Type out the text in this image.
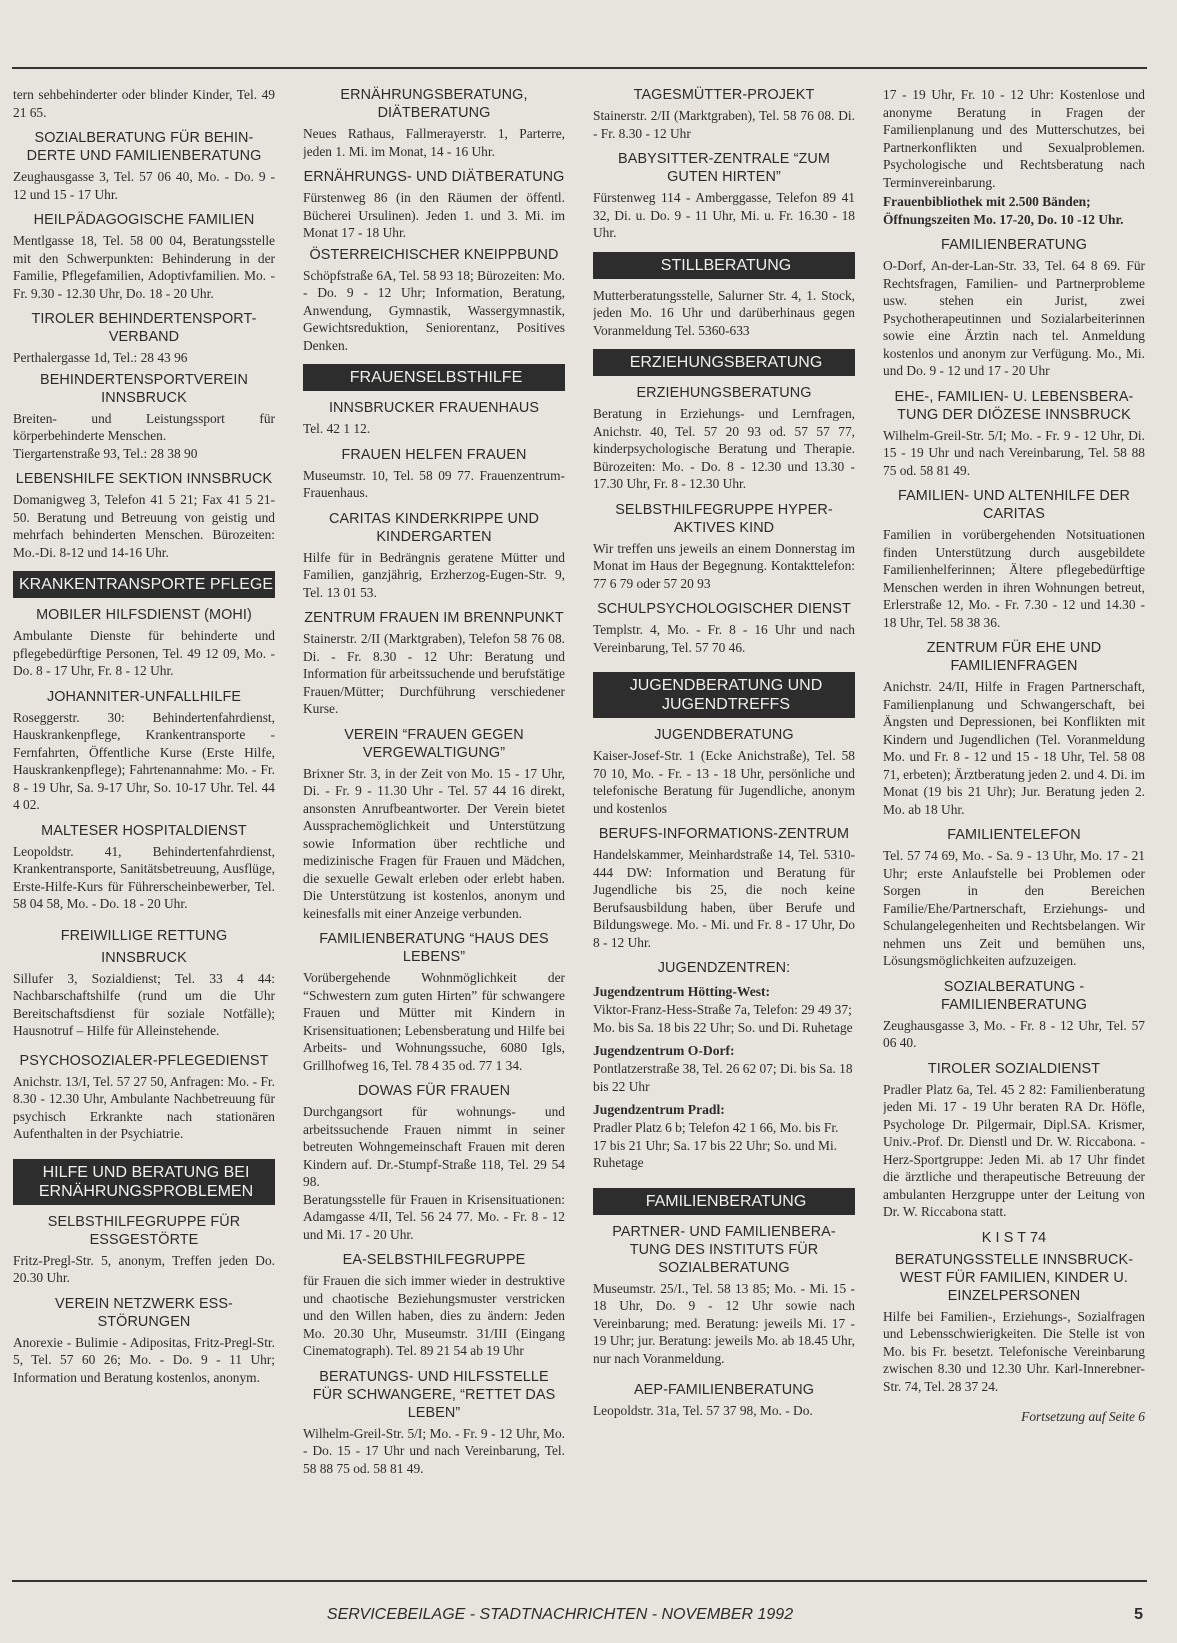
tern sehbehinderter oder blinder Kinder, Tel. 49 21 65.

SOZIALBERATUNG FÜR BEHIN-DERTE UND FAMILIENBERATUNG

Zeughausgasse 3, Tel. 57 06 40, Mo. - Do. 9 - 12 und 15 - 17 Uhr.

HEILPÄDAGOGISCHE FAMILIEN

Mentlgasse 18, Tel. 58 00 04, Beratungsstelle mit den Schwerpunkten: Behinderung in der Familie, Pflegefamilien, Adoptivfamilien. Mo. - Fr. 9.30 - 12.30 Uhr, Do. 18 - 20 Uhr.

TIROLER BEHINDERTENSPORT-VERBAND

Perthalergasse 1d, Tel.: 28 43 96

BEHINDERTENSPORTVEREIN INNSBRUCK

Breiten- und Leistungssport für körperbehinderte Menschen.

Tiergartenstraße 93, Tel.: 28 38 90

LEBENSHILFE SEKTION INNSBRUCK

Domanigweg 3, Telefon 41 5 21; Fax 41 5 21-50. Beratung und Betreuung von geistig und mehrfach behinderten Menschen. Bürozeiten: Mo.-Di. 8-12 und 14-16 Uhr.

KRANKENTRANSPORTE PFLEGE
MOBILER HILFSDIENST (MOHI)

Ambulante Dienste für behinderte und pflegebedürftige Personen, Tel. 49 12 09, Mo. - Do. 8 - 17 Uhr, Fr. 8 - 12 Uhr.

JOHANNITER-UNFALLHILFE

Roseggerstr. 30: Behindertenfahrdienst, Hauskrankenpflege, Krankentransporte - Fernfahrten, Öffentliche Kurse (Erste Hilfe, Hauskrankenpflege); Fahrtenannahme: Mo. - Fr. 8 - 19 Uhr, Sa. 9-17 Uhr, So. 10-17 Uhr. Tel. 44 4 02.

MALTESER HOSPITALDIENST

Leopoldstr. 41, Behindertenfahrdienst, Krankentransporte, Sanitätsbetreuung, Ausflüge, Erste-Hilfe-Kurs für Führerscheinbewerber, Tel. 58 04 58, Mo. - Do. 18 - 20 Uhr.

FREIWILLIGE RETTUNG
INNSBRUCK

Sillufer 3, Sozialdienst; Tel. 33 4 44: Nachbarschaftshilfe (rund um die Uhr Bereitschaftsdienst für soziale Notfälle); Hausnotruf – Hilfe für Alleinstehende.

PSYCHOSOZIALER-PFLEGEDIENST

Anichstr. 13/I, Tel. 57 27 50, Anfragen: Mo. - Fr. 8.30 - 12.30 Uhr, Ambulante Nachbetreuung für psychisch Erkrankte nach stationären Aufenthalten in der Psychiatrie.

HILFE UND BERATUNG BEI ERNÄHRUNGSPROBLEMEN
SELBSTHILFEGRUPPE FÜR ESSGESTÖRTE

Fritz-Pregl-Str. 5, anonym, Treffen jeden Do. 20.30 Uhr.

VEREIN NETZWERK ESS-STÖRUNGEN

Anorexie - Bulimie - Adipositas, Fritz-Pregl-Str. 5, Tel. 57 60 26; Mo. - Do. 9 - 11 Uhr; Information und Beratung kostenlos, anonym.

ERNÄHRUNGSBERATUNG, DIÄTBERATUNG

Neues Rathaus, Fallmerayerstr. 1, Parterre, jeden 1. Mi. im Monat, 14 - 16 Uhr.

ERNÄHRUNGS- UND DIÄTBERATUNG

Fürstenweg 86 (in den Räumen der öffentl. Bücherei Ursulinen). Jeden 1. und 3. Mi. im Monat 17 - 18 Uhr.

ÖSTERREICHISCHER KNEIPPBUND

Schöpfstraße 6A, Tel. 58 93 18; Bürozeiten: Mo. - Do. 9 - 12 Uhr; Information, Beratung, Anwendung, Gymnastik, Wassergymnastik, Gewichtsreduktion, Seniorentanz, Positives Denken.

FRAUENSELBSTHILFE
INNSBRUCKER FRAUENHAUS

Tel. 42 1 12.

FRAUEN HELFEN FRAUEN

Museumstr. 10, Tel. 58 09 77. Frauenzentrum-Frauenhaus.

CARITAS KINDERKRIPPE UND KINDERGARTEN

Hilfe für in Bedrängnis geratene Mütter und Familien, ganzjährig, Erzherzog-Eugen-Str. 9, Tel. 13 01 53.

ZENTRUM FRAUEN IM BRENNPUNKT

Stainerstr. 2/II (Marktgraben), Telefon 58 76 08. Di. - Fr. 8.30 - 12 Uhr: Beratung und Information für arbeitssuchende und berufstätige Frauen/Mütter; Durchführung verschiedener Kurse.

VEREIN “FRAUEN GEGEN VERGEWALTIGUNG”

Brixner Str. 3, in der Zeit von Mo. 15 - 17 Uhr, Di. - Fr. 9 - 11.30 Uhr - Tel. 57 44 16 direkt, ansonsten Anrufbeantworter. Der Verein bietet Aussprachemöglichkeit und Unterstützung sowie Information über rechtliche und medizinische Fragen für Frauen und Mädchen, die sexuelle Gewalt erleben oder erlebt haben. Die Unterstützung ist kostenlos, anonym und keinesfalls mit einer Anzeige verbunden.

FAMILIENBERATUNG “HAUS DES LEBENS”

Vorübergehende Wohnmöglichkeit der “Schwestern zum guten Hirten” für schwangere Frauen und Mütter mit Kindern in Krisensituationen; Lebensberatung und Hilfe bei Arbeits- und Wohnungssuche, 6080 Igls, Grillhofweg 16, Tel. 78 4 35 od. 77 1 34.

DOWAS FÜR FRAUEN

Durchgangsort für wohnungs- und arbeitssuchende Frauen nimmt in seiner betreuten Wohngemeinschaft Frauen mit deren Kindern auf. Dr.-Stumpf-Straße 118, Tel. 29 54 98.

Beratungsstelle für Frauen in Krisensituationen: Adamgasse 4/II, Tel. 56 24 77. Mo. - Fr. 8 - 12 und Mi. 17 - 20 Uhr.

EA-SELBSTHILFEGRUPPE

für Frauen die sich immer wieder in destruktive und chaotische Beziehungsmuster verstricken und den Willen haben, dies zu ändern: Jeden Mo. 20.30 Uhr, Museumstr. 31/III (Eingang Cinematograph). Tel. 89 21 54 ab 19 Uhr

BERATUNGS- UND HILFSSTELLE FÜR SCHWANGERE, “RETTET DAS LEBEN”

Wilhelm-Greil-Str. 5/I; Mo. - Fr. 9 - 12 Uhr, Mo. - Do. 15 - 17 Uhr und nach Vereinbarung, Tel. 58 88 75 od. 58 81 49.

TAGESMÜTTER-PROJEKT

Stainerstr. 2/II (Marktgraben), Tel. 58 76 08. Di. - Fr. 8.30 - 12 Uhr

BABYSITTER-ZENTRALE “ZUM GUTEN HIRTEN”

Fürstenweg 114 - Amberggasse, Telefon 89 41 32, Di. u. Do. 9 - 11 Uhr, Mi. u. Fr. 16.30 - 18 Uhr.

STILLBERATUNG

Mutterberatungsstelle, Salurner Str. 4, 1. Stock, jeden Mo. 16 Uhr und darüberhinaus gegen Voranmeldung Tel. 5360-633

ERZIEHUNGSBERATUNG
ERZIEHUNGSBERATUNG

Beratung in Erziehungs- und Lernfragen, Anichstr. 40, Tel. 57 20 93 od. 57 57 77, kinderpsychologische Beratung und Therapie. Bürozeiten: Mo. - Do. 8 - 12.30 und 13.30 - 17.30 Uhr, Fr. 8 - 12.30 Uhr.

SELBSTHILFEGRUPPE HYPER-AKTIVES KIND

Wir treffen uns jeweils an einem Donnerstag im Monat im Haus der Begegnung. Kontakttelefon: 77 6 79 oder 57 20 93

SCHULPSYCHOLOGISCHER DIENST

Templstr. 4, Mo. - Fr. 8 - 16 Uhr und nach Vereinbarung, Tel. 57 70 46.

JUGENDBERATUNG UND JUGENDTREFFS
JUGENDBERATUNG

Kaiser-Josef-Str. 1 (Ecke Anichstraße), Tel. 58 70 10, Mo. - Fr. - 13 - 18 Uhr, persönliche und telefonische Beratung für Jugendliche, anonym und kostenlos

BERUFS-INFORMATIONS-ZENTRUM

Handelskammer, Meinhardstraße 14, Tel. 5310-444 DW: Information und Beratung für Jugendliche bis 25, die noch keine Berufsausbildung haben, über Berufe und Bildungswege. Mo. - Mi. und Fr. 8 - 17 Uhr, Do 8 - 12 Uhr.

JUGENDZENTREN:
Jugendzentrum Hötting-West:

Viktor-Franz-Hess-Straße 7a, Telefon: 29 49 37; Mo. bis Sa. 18 bis 22 Uhr; So. und Di. Ruhetage

Jugendzentrum O-Dorf:

Pontlatzerstraße 38, Tel. 26 62 07; Di. bis Sa. 18 bis 22 Uhr

Jugendzentrum Pradl:

Pradler Platz 6 b; Telefon 42 1 66, Mo. bis Fr. 17 bis 21 Uhr; Sa. 17 bis 22 Uhr; So. und Mi. Ruhetage

FAMILIENBERATUNG
PARTNER- UND FAMILIENBERA-TUNG DES INSTITUTS FÜR SOZIALBERATUNG

Museumstr. 25/I., Tel. 58 13 85; Mo. - Mi. 15 - 18 Uhr, Do. 9 - 12 Uhr sowie nach Vereinbarung; med. Beratung: jeweils Mi. 17 - 19 Uhr; jur. Beratung: jeweils Mo. ab 18.45 Uhr, nur nach Voranmeldung.

AEP-FAMILIENBERATUNG

Leopoldstr. 31a, Tel. 57 37 98, Mo. - Do.

17 - 19 Uhr, Fr. 10 - 12 Uhr: Kostenlose und anonyme Beratung in Fragen der Familienplanung und des Mutterschutzes, bei Partnerkonflikten und Sexualproblemen. Psychologische und Rechtsberatung nach Terminvereinbarung.

Frauenbibliothek mit 2.500 Bänden; Öffnungszeiten Mo. 17-20, Do. 10 -12 Uhr.

FAMILIENBERATUNG

O-Dorf, An-der-Lan-Str. 33, Tel. 64 8 69. Für Rechtsfragen, Familien- und Partnerprobleme usw. stehen ein Jurist, zwei Psychotherapeutinnen und Sozialarbeiterinnen sowie eine Ärztin nach tel. Anmeldung kostenlos und anonym zur Verfügung. Mo., Mi. und Do. 9 - 12 und 17 - 20 Uhr

EHE-, FAMILIEN- U. LEBENSBERA-TUNG DER DIÖZESE INNSBRUCK

Wilhelm-Greil-Str. 5/I; Mo. - Fr. 9 - 12 Uhr, Di. 15 - 19 Uhr und nach Vereinbarung, Tel. 58 88 75 od. 58 81 49.

FAMILIEN- UND ALTENHILFE DER CARITAS

Familien in vorübergehenden Notsituationen finden Unterstützung durch ausgebildete Familienhelferinnen; Ältere pflegebedürftige Menschen werden in ihren Wohnungen betreut, Erlerstraße 12, Mo. - Fr. 7.30 - 12 und 14.30 - 18 Uhr, Tel. 58 38 36.

ZENTRUM FÜR EHE UND FAMILIENFRAGEN

Anichstr. 24/II, Hilfe in Fragen Partnerschaft, Familienplanung und Schwangerschaft, bei Ängsten und Depressionen, bei Konflikten mit Kindern und Jugendlichen (Tel. Voranmeldung Mo. und Fr. 8 - 12 und 15 - 18 Uhr, Tel. 58 08 71, erbeten); Ärztberatung jeden 2. und 4. Di. im Monat (19 bis 21 Uhr); Jur. Beratung jeden 2. Mo. ab 18 Uhr.

FAMILIENTELEFON

Tel. 57 74 69, Mo. - Sa. 9 - 13 Uhr, Mo. 17 - 21 Uhr; erste Anlaufstelle bei Problemen oder Sorgen in den Bereichen Familie/Ehe/Partnerschaft, Erziehungs- und Schulangelegenheiten und Rechtsbelangen. Wir nehmen uns Zeit und bemühen uns, Lösungsmöglichkeiten aufzuzeigen.

SOZIALBERATUNG - FAMILIENBERATUNG

Zeughausgasse 3, Mo. - Fr. 8 - 12 Uhr, Tel. 57 06 40.

TIROLER SOZIALDIENST

Pradler Platz 6a, Tel. 45 2 82: Familienberatung jeden Mi. 17 - 19 Uhr beraten RA Dr. Höfle, Psychologe Dr. Pilgermair, Dipl.SA. Krismer, Univ.-Prof. Dr. Dienstl und Dr. W. Riccabona. - Herz-Sportgruppe: Jeden Mi. ab 17 Uhr findet die ärztliche und therapeutische Betreuung der ambulanten Herzgruppe unter der Leitung von Dr. W. Riccabona statt.

K I S T 74
BERATUNGSSTELLE INNSBRUCK-WEST FÜR FAMILIEN, KINDER U. EINZELPERSONEN

Hilfe bei Familien-, Erziehungs-, Sozialfragen und Lebensschwierigkeiten. Die Stelle ist von Mo. bis Fr. besetzt. Telefonische Vereinbarung zwischen 8.30 und 12.30 Uhr. Karl-Innerebner-Str. 74, Tel. 28 37 24.

Fortsetzung auf Seite 6
SERVICEBEILAGE - STADTNACHRICHTEN - NOVEMBER 1992	5
